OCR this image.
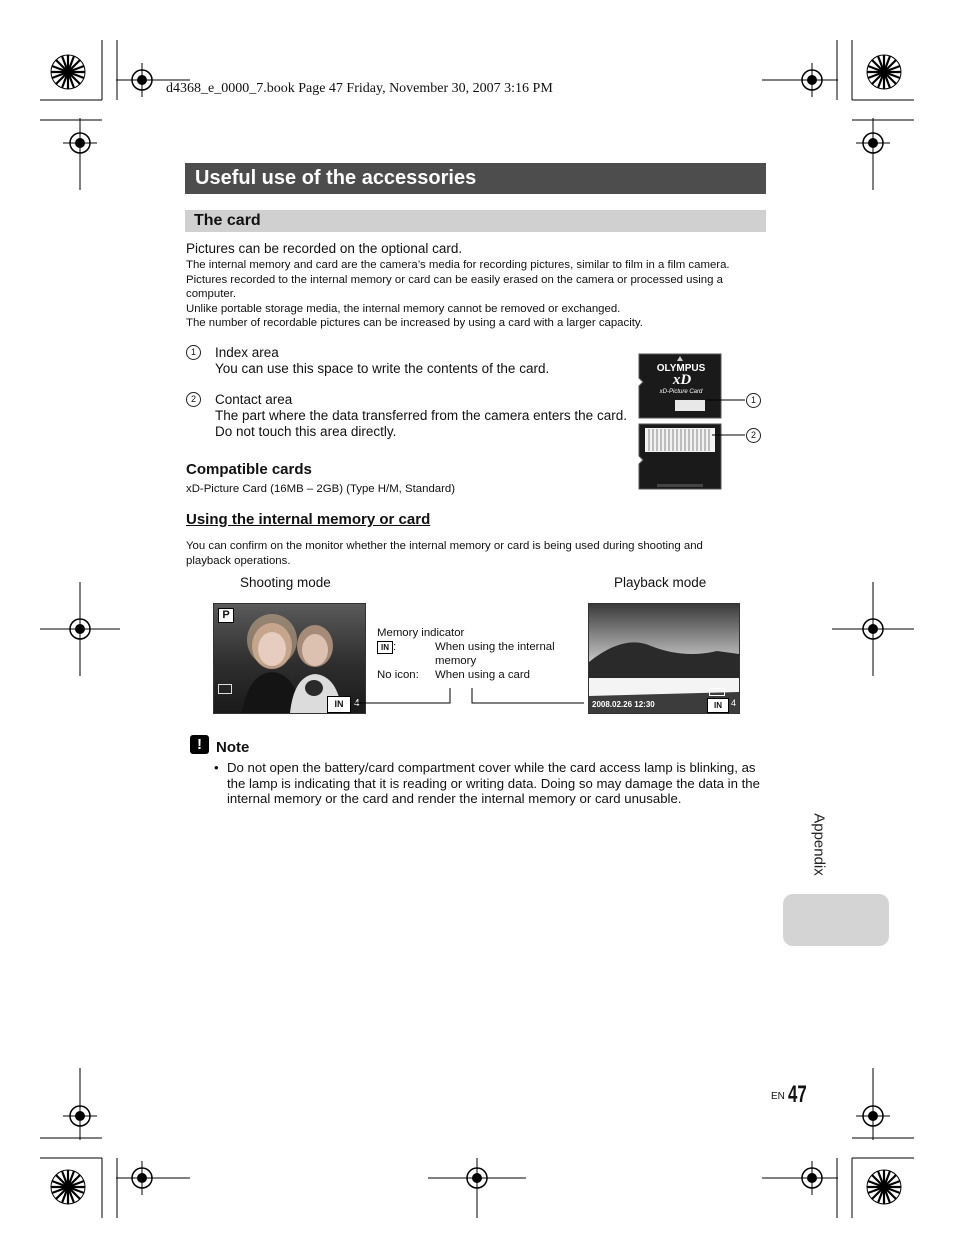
d4368_e_0000_7.book Page 47 Friday, November 30, 2007 3:16 PM
Useful use of the accessories
The card
Pictures can be recorded on the optional card.
The internal memory and card are the camera’s media for recording pictures, similar to film in a film camera.
Pictures recorded to the internal memory or card can be easily erased on the camera or processed using a
computer.
Unlike portable storage media, the internal memory cannot be removed or exchanged.
The number of recordable pictures can be increased by using a card with a larger capacity.
1	Index area
You can use this space to write the contents of the card.
2	Contact area
The part where the data transferred from the camera enters the card.
Do not touch this area directly.
OLYMPUS
xD
xD-Picture Card
1
2
Compatible cards
xD-Picture Card (16MB – 2GB) (Type H/M, Standard)
Using the internal memory or card
You can confirm on the monitor whether the internal memory or card is being used during shooting and
playback operations.
Shooting mode	Playback mode
P
IN	4
Memory indicator
IN :	When using the internal
memory
No icon:	When using a card
2008.02.26 12:30	IN	4
! Note
• Do not open the battery/card compartment cover while the card access lamp is blinking, as
the lamp is indicating that it is reading or writing data. Doing so may damage the data in the
internal memory or the card and render the internal memory or card unusable.
Appendix
EN 47
